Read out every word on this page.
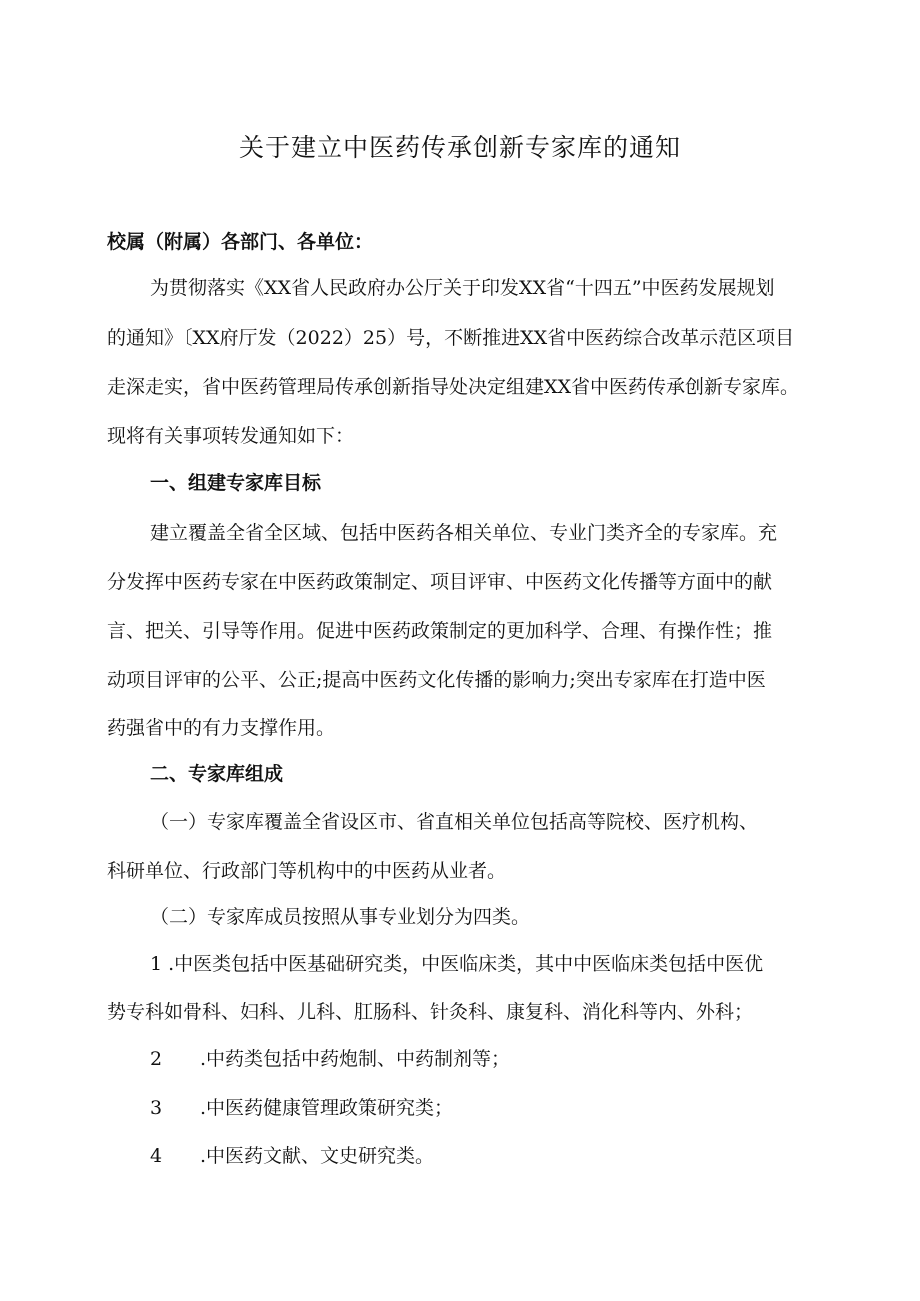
关于建立中医药传承创新专家库的通知

校属（附属）各部门、各单位：

为贯彻落实《XX省人民政府办公厅关于印发XX省“十四五”中医药发展规划

的通知》〔XX府厅发（2022）25）号，不断推进XX省中医药综合改革示范区项目

走深走实，省中医药管理局传承创新指导处决定组建XX省中医药传承创新专家库。

现将有关事项转发通知如下：

一、组建专家库目标

建立覆盖全省全区域、包括中医药各相关单位、专业门类齐全的专家库。充

分发挥中医药专家在中医药政策制定、项目评审、中医药文化传播等方面中的献

言、把关、引导等作用。促进中医药政策制定的更加科学、合理、有操作性；推

动项目评审的公平、公正;提高中医药文化传播的影响力;突出专家库在打造中医

药强省中的有力支撑作用。

二、专家库组成

（一）专家库覆盖全省设区市、省直相关单位包括高等院校、医疗机构、

科研单位、行政部门等机构中的中医药从业者。

（二）专家库成员按照从事专业划分为四类。

1 .中医类包括中医基础研究类，中医临床类，其中中医临床类包括中医优

势专科如骨科、妇科、儿科、肛肠科、针灸科、康复科、消化科等内、外科；

2 .中药类包括中药炮制、中药制剂等；
3 .中医药健康管理政策研究类；
4 .中医药文献、文史研究类。
